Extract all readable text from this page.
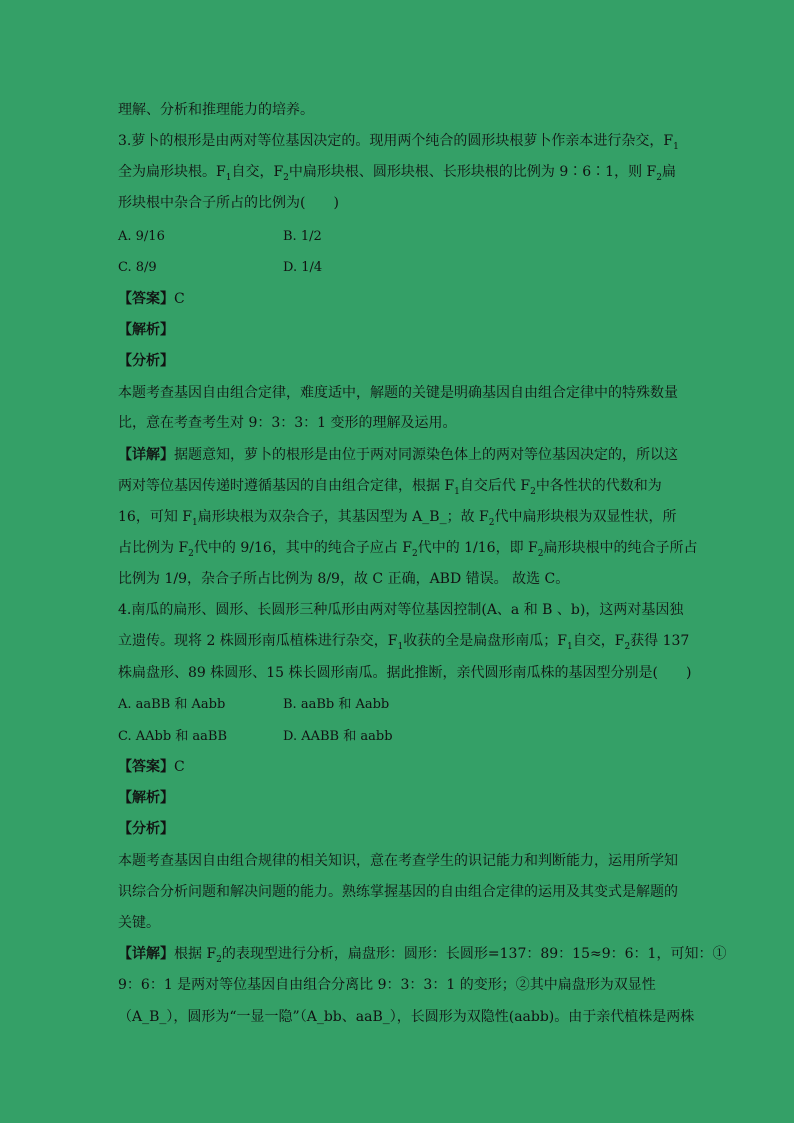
理解、分析和推理能力的培养。
3.萝卜的根形是由两对等位基因决定的。现用两个纯合的圆形块根萝卜作亲本进行杂交，$F_1$
全为扁形块根。$F_1$自交，$F_2$中扁形块根、圆形块根、长形块根的比例为 9∶6∶1，则 $F_2$扁
形块根中杂合子所占的比例为(　　)
A. 9/16	B. 1/2
C. 8/9	D. 1/4
【答案】C
【解析】
【分析】
本题考查基因自由组合定律，难度适中，解题的关键是明确基因自由组合定律中的特殊数量
比，意在考查考生对 9：3：3：1 变形的理解及运用。
【详解】据题意知，萝卜的根形是由位于两对同源染色体上的两对等位基因决定的，所以这
两对等位基因传递时遵循基因的自由组合定律，根据 $F_1$自交后代 $F_2$中各性状的代数和为
16，可知 $F_1$扁形块根为双杂合子，其基因型为 A_B_；故 $F_2$代中扁形块根为双显性状，所
占比例为 $F_2$代中的 9/16，其中的纯合子应占 $F_2$代中的 1/16，即 $F_2$扁形块根中的纯合子所占
比例为 1/9，杂合子所占比例为 8/9，故 C 正确，ABD 错误。 故选 C。
4.南瓜的扁形、圆形、长圆形三种瓜形由两对等位基因控制(A、a 和 B 、b)，这两对基因独
立遗传。现将 2 株圆形南瓜植株进行杂交，$F_1$收获的全是扁盘形南瓜；$F_1$自交，$F_2$获得 137
株扁盘形、89 株圆形、15 株长圆形南瓜。据此推断，亲代圆形南瓜株的基因型分别是(　　)
A. aaBB 和 Aabb	B. aaBb 和 Aabb
C. AAbb 和 aaBB	D. AABB 和 aabb
【答案】C
【解析】
【分析】
本题考查基因自由组合规律的相关知识，意在考查学生的识记能力和判断能力，运用所学知
识综合分析问题和解决问题的能力。熟练掌握基因的自由组合定律的运用及其变式是解题的
关键。
【详解】根据 $F_2$的表现型进行分析，扁盘形：圆形：长圆形=137：89：15≈9：6：1，可知：①
9：6：1 是两对等位基因自由组合分离比 9：3：3：1 的变形；②其中扁盘形为双显性
（A_B_），圆形为“一显一隐”（A_bb、aaB_），长圆形为双隐性(aabb)。由于亲代植株是两株
